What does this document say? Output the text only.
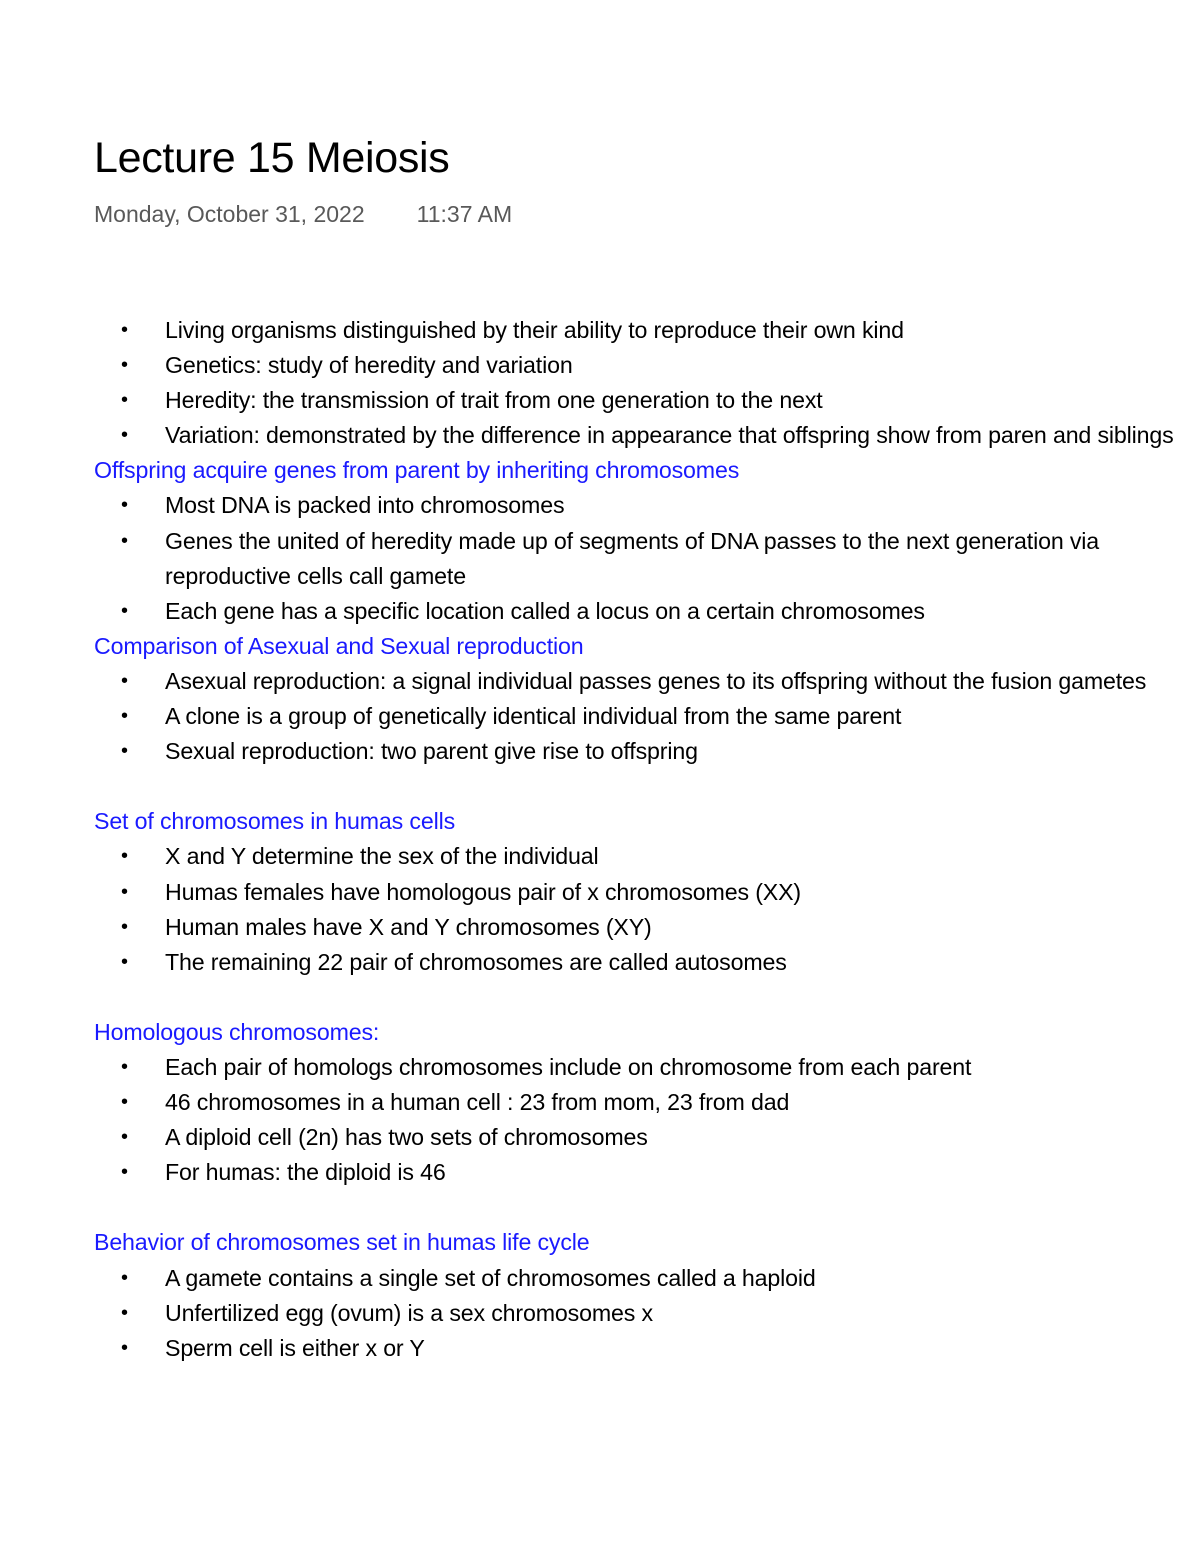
Lecture 15 Meiosis
Monday, October 31, 2022 11:37 AM
• Living organisms distinguished by their ability to reproduce their own kind
• Genetics: study of heredity and variation
• Heredity: the transmission of trait from one generation to the next
• Variation: demonstrated by the difference in appearance that offspring show from paren and siblings
Offspring acquire genes from parent by inheriting chromosomes
• Most DNA is packed into chromosomes
• Genes the united of heredity made up of segments of DNA passes to the next generation via reproductive cells call gamete
• Each gene has a specific location called a locus on a certain chromosomes
Comparison of Asexual and Sexual reproduction
• Asexual reproduction: a signal individual passes genes to its offspring without the fusion gametes
• A clone is a group of genetically identical individual from the same parent
• Sexual reproduction: two parent give rise to offspring
Set of chromosomes in humas cells
• X and Y determine the sex of the individual
• Humas females have homologous pair of x chromosomes (XX)
• Human males have X and Y chromosomes (XY)
• The remaining 22 pair of chromosomes are called autosomes
Homologous chromosomes:
• Each pair of homologs chromosomes include on chromosome from each parent
• 46 chromosomes in a human cell : 23 from mom, 23 from dad
• A diploid cell (2n) has two sets of chromosomes
• For humas: the diploid is 46
Behavior of chromosomes set in humas life cycle
• A gamete contains a single set of chromosomes called a haploid
• Unfertilized egg (ovum) is a sex chromosomes x
• Sperm cell is either x or Y
